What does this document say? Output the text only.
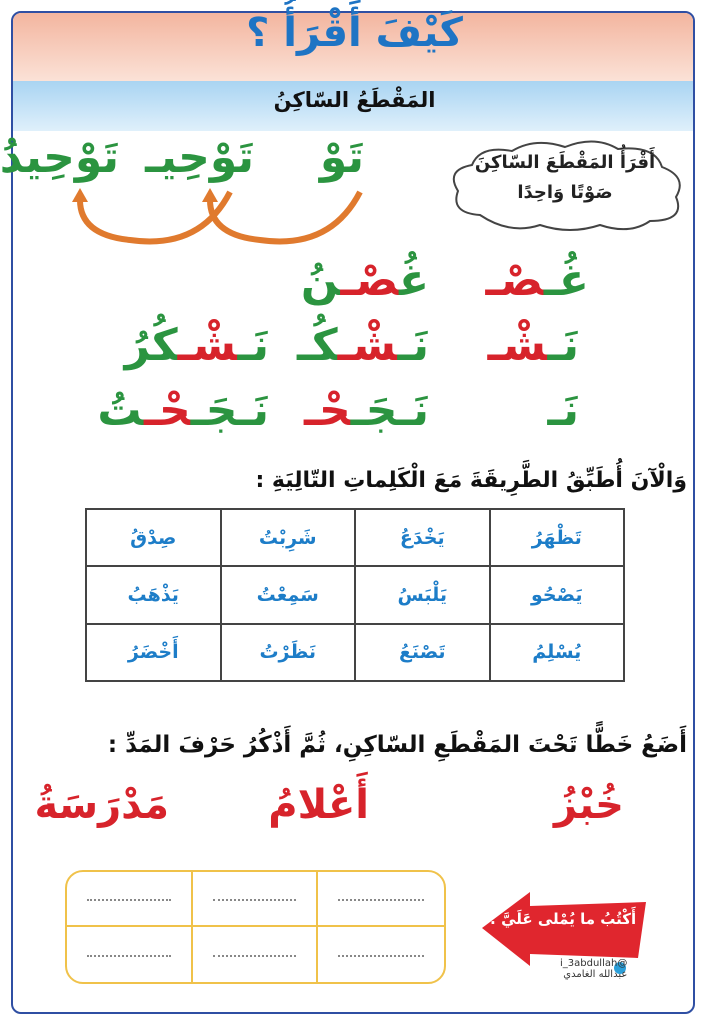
كَيْفَ أَقْرَأُ ؟
المَقْطَعُ السّاكِنُ
أَقْرَأُ المَقْطَعَ السّاكِنَ
صَوْتًا وَاحِدًا
تَوْ
تَوْحِيـ
تَوْحِيدُ
غُـصْـ
غُصْـنُ
نَـشْـ
نَـشْـكُـ
نَـشْـكُرُ
نَـ
نَـجَـحْـ
نَـجَـحْـتُ
وَالْآنَ أُطَبِّقُ الطَّرِيقَةَ مَعَ الْكَلِماتِ التّالِيَةِ :
تَظْهَرُ	يَخْدَعُ	شَرِبْتُ	صِدْقُ
يَصْحُو	يَلْبَسُ	سَمِعْتُ	يَذْهَبُ
يُسْلِمُ	تَصْنَعُ	نَظَرْتُ	أَخْضَرُ
أَضَعُ خَطًّا تَحْتَ المَقْطَعِ السّاكِنِ، ثُمَّ أَذْكُرُ حَرْفَ المَدِّ :
خُبْزُ
أَعْلامُ
مَدْرَسَةُ
أَكْتُبُ ما يُمْلى عَلَيَّ :
@i_3abdullah
عبدالله الغامدي
